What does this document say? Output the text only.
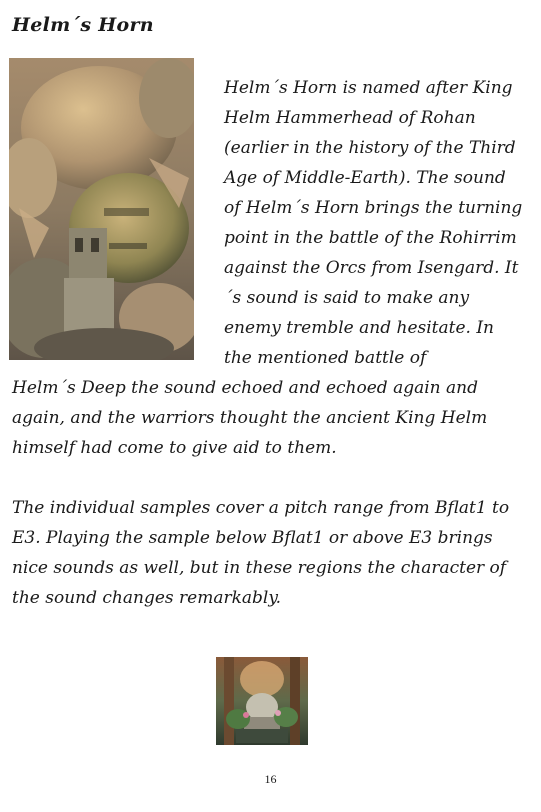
Helm´s Horn

Helm´s Horn is named after King Helm Hammerhead of Rohan (earlier in the history of the Third Age of Middle-Earth). The sound of Helm´s Horn brings the turning point in the battle of the Rohirrim against the Orcs from Isengard. It´s sound is said to make any enemy tremble and hesitate. In the mentioned battle of

Helm´s Deep the sound echoed and echoed again and again, and the warriors thought the ancient King Helm himself had come to give aid to them.

The individual samples cover a pitch range from Bflat1 to E3. Playing the sample below Bflat1 or above E3 brings nice sounds as well, but in these regions the character of the sound changes remarkably.

16
